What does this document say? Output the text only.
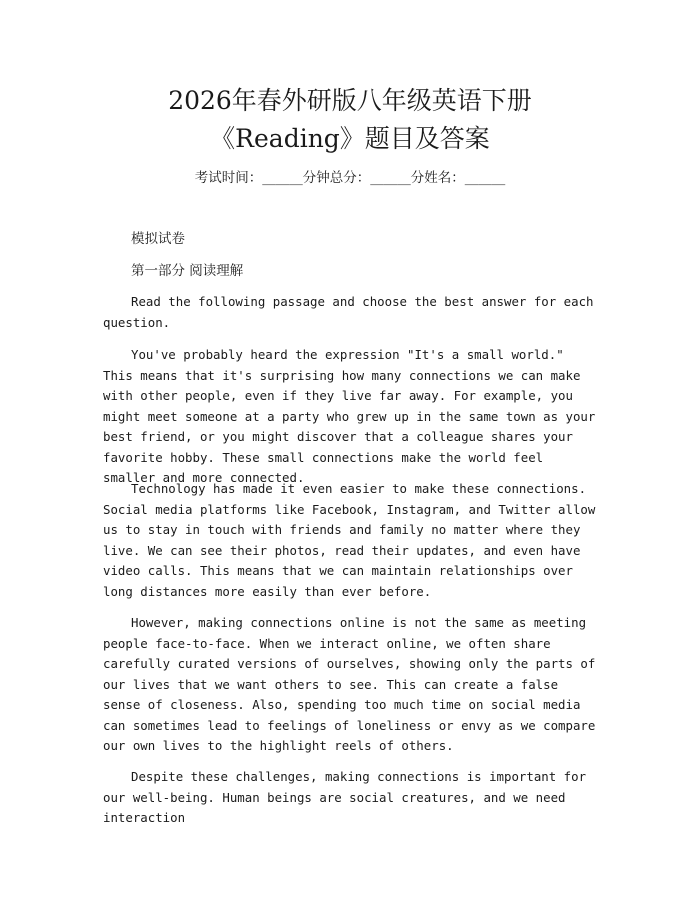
2026年春外研版八年级英语下册
《Reading》题目及答案
考试时间：______分钟总分：______分姓名：______
模拟试卷
第一部分 阅读理解

Read the following passage and choose the best answer for each question.

You've probably heard the expression "It's a small world." This means that it's surprising how many connections we can make with other people, even if they live far away. For example, you might meet someone at a party who grew up in the same town as your best friend, or you might discover that a colleague shares your favorite hobby. These small connections make the world feel smaller and more connected.

Technology has made it even easier to make these connections. Social media platforms like Facebook, Instagram, and Twitter allow us to stay in touch with friends and family no matter where they live. We can see their photos, read their updates, and even have video calls. This means that we can maintain relationships over long distances more easily than ever before.

However, making connections online is not the same as meeting people face-to-face. When we interact online, we often share carefully curated versions of ourselves, showing only the parts of our lives that we want others to see. This can create a false sense of closeness. Also, spending too much time on social media can sometimes lead to feelings of loneliness or envy as we compare our own lives to the highlight reels of others.

Despite these challenges, making connections is important for our well-being. Human beings are social creatures, and we need interaction
